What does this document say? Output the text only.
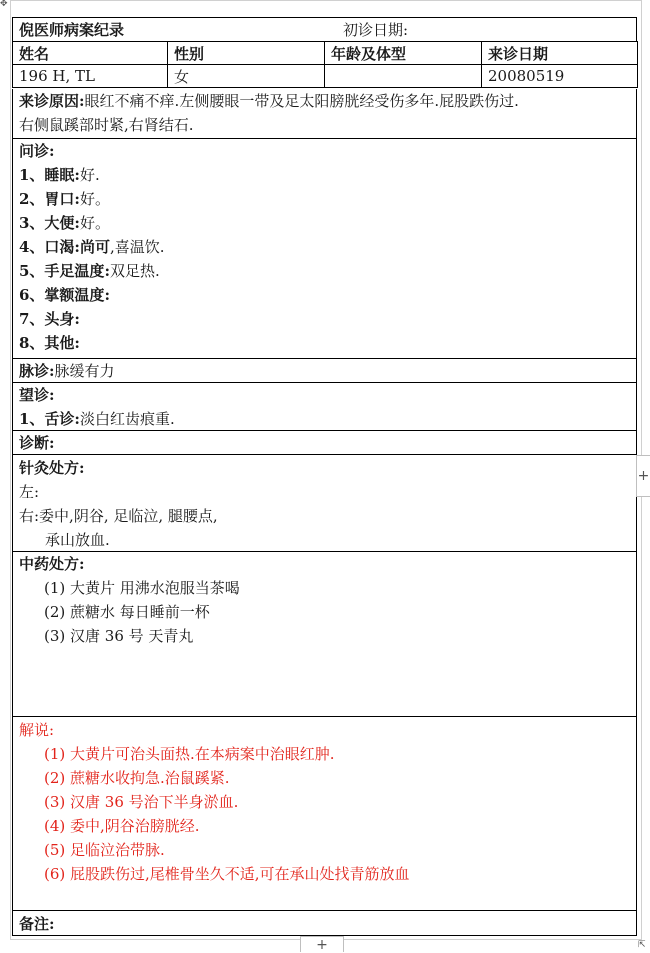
✥
⇱
倪医师病案纪录	初诊日期:
姓名	性别	年龄及体型	来诊日期
196 H, TL	女		20080519
来诊原因:眼红不痛不痒.左侧腰眼一带及足太阳膀胱经受伤多年.屁股跌伤过.
右侧鼠蹊部时紧,右肾结石.
问诊:
1、睡眠:好.
2、胃口:好。
3、大便:好。
4、口渴:尚可,喜温饮.
5、手足温度:双足热.
6、掌额温度:
7、头身:
8、其他:
脉诊:脉缓有力
望诊:
1、舌诊:淡白红齿痕重.
诊断:
针灸处方:
左:
右:委中,阴谷, 足临泣, 腿腰点,
承山放血.
中药处方:
(1) 大黄片 用沸水泡服当茶喝
(2) 蔗糖水 每日睡前一杯
(3) 汉唐 36 号 天青丸
解说:
(1) 大黄片可治头面热.在本病案中治眼红肿.
(2) 蔗糖水收拘急.治鼠蹊紧.
(3) 汉唐 36 号治下半身淤血.
(4) 委中,阴谷治膀胱经.
(5) 足临泣治带脉.
(6) 屁股跌伤过,尾椎骨坐久不适,可在承山处找青筋放血
备注:
+
+
